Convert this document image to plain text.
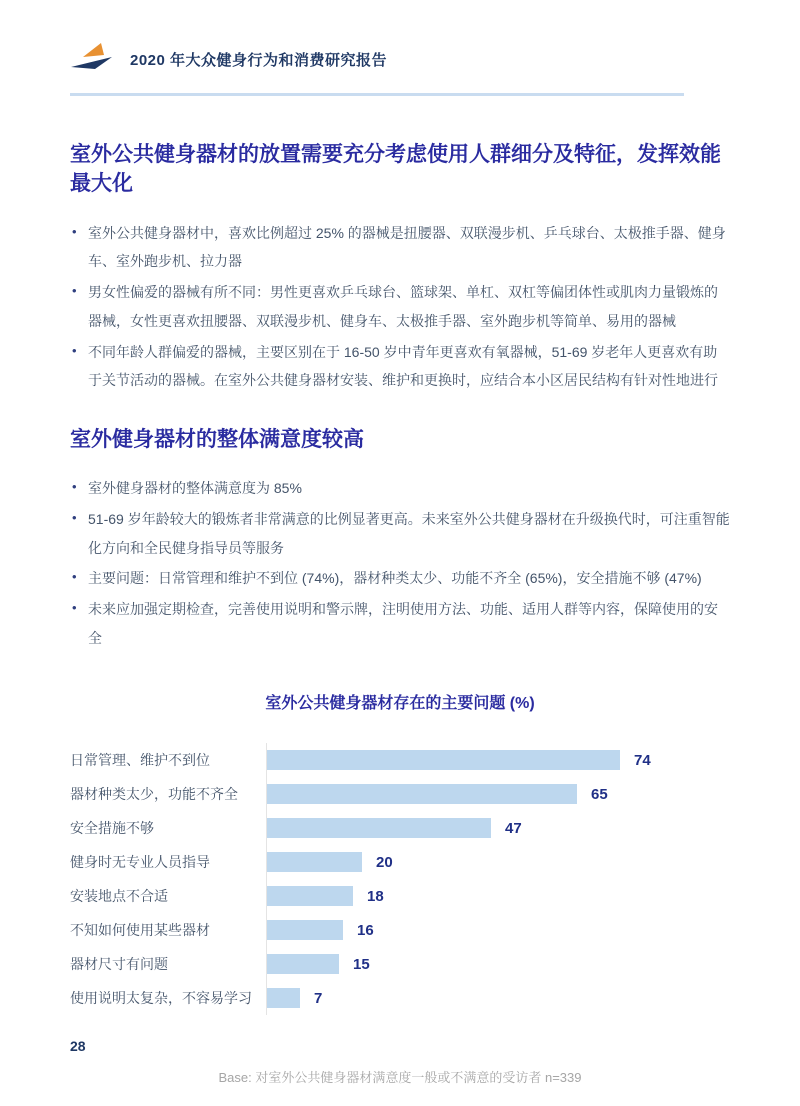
2020 年大众健身行为和消费研究报告
室外公共健身器材的放置需要充分考虑使用人群细分及特征，发挥效能最大化
• 室外公共健身器材中，喜欢比例超过 25% 的器械是扭腰器、双联漫步机、乒乓球台、太极推手器、健身车、室外跑步机、拉力器
• 男女性偏爱的器械有所不同：男性更喜欢乒乓球台、篮球架、单杠、双杠等偏团体性或肌肉力量锻炼的器械，女性更喜欢扭腰器、双联漫步机、健身车、太极推手器、室外跑步机等简单、易用的器械
• 不同年龄人群偏爱的器械，主要区别在于 16-50 岁中青年更喜欢有氧器械，51-69 岁老年人更喜欢有助于关节活动的器械。在室外公共健身器材安装、维护和更换时，应结合本小区居民结构有针对性地进行
室外健身器材的整体满意度较高
• 室外健身器材的整体满意度为 85%
• 51-69 岁年龄较大的锻炼者非常满意的比例显著更高。未来室外公共健身器材在升级换代时，可注重智能化方向和全民健身指导员等服务
• 主要问题：日常管理和维护不到位 (74%)，器材种类太少、功能不齐全 (65%)，安全措施不够 (47%)
• 未来应加强定期检查，完善使用说明和警示牌，注明使用方法、功能、适用人群等内容，保障使用的安全
室外公共健身器材存在的主要问题 (%)
日常管理、维护不到位	74
器材种类太少，功能不齐全	65
安全措施不够	47
健身时无专业人员指导	20
安装地点不合适	18
不知如何使用某些器材	16
器材尺寸有问题	15
使用说明太复杂，不容易学习	7
Base: 对室外公共健身器材满意度一般或不满意的受访者 n=339
28
